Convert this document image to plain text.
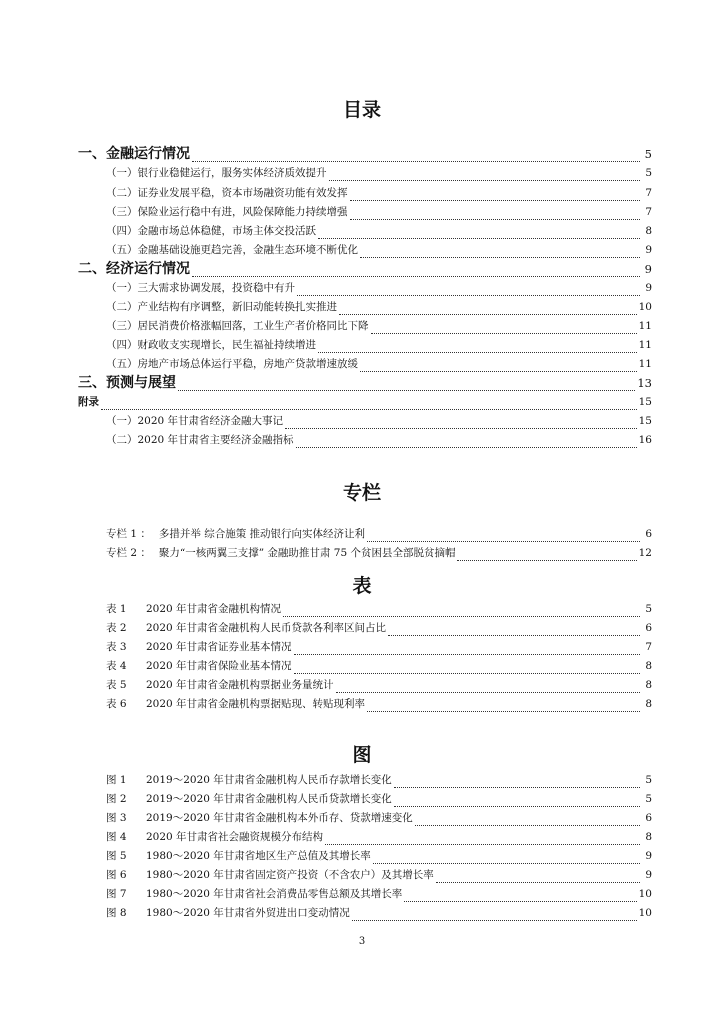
目录
一、金融运行情况	5
（一）银行业稳健运行，服务实体经济质效提升	5
（二）证券业发展平稳，资本市场融资功能有效发挥	7
（三）保险业运行稳中有进，风险保障能力持续增强	7
（四）金融市场总体稳健，市场主体交投活跃	8
（五）金融基础设施更趋完善，金融生态环境不断优化	9
二、经济运行情况	9
（一）三大需求协调发展，投资稳中有升	9
（二）产业结构有序调整，新旧动能转换扎实推进	10
（三）居民消费价格涨幅回落，工业生产者价格同比下降	11
（四）财政收支实现增长，民生福祉持续增进	11
（五）房地产市场总体运行平稳，房地产贷款增速放缓	11
三、预测与展望	13
附录	15
（一）2020 年甘肃省经济金融大事记	15
（二）2020 年甘肃省主要经济金融指标	16
专栏
专栏 1 ： 多措并举 综合施策 推动银行向实体经济让利	6
专栏 2 ： 聚力“一核两翼三支撑” 金融助推甘肃 75 个贫困县全部脱贫摘帽	12
表
表 1 2020 年甘肃省金融机构情况	5
表 2 2020 年甘肃省金融机构人民币贷款各利率区间占比	6
表 3 2020 年甘肃省证券业基本情况	7
表 4 2020 年甘肃省保险业基本情况	8
表 5 2020 年甘肃省金融机构票据业务量统计	8
表 6 2020 年甘肃省金融机构票据贴现、转贴现利率	8
图
图 1 2019～2020 年甘肃省金融机构人民币存款增长变化	5
图 2 2019～2020 年甘肃省金融机构人民币贷款增长变化	5
图 3 2019～2020 年甘肃省金融机构本外币存、贷款增速变化	6
图 4 2020 年甘肃省社会融资规模分布结构	8
图 5 1980～2020 年甘肃省地区生产总值及其增长率	9
图 6 1980～2020 年甘肃省固定资产投资（不含农户）及其增长率	9
图 7 1980～2020 年甘肃省社会消费品零售总额及其增长率	10
图 8 1980～2020 年甘肃省外贸进出口变动情况	10
3
